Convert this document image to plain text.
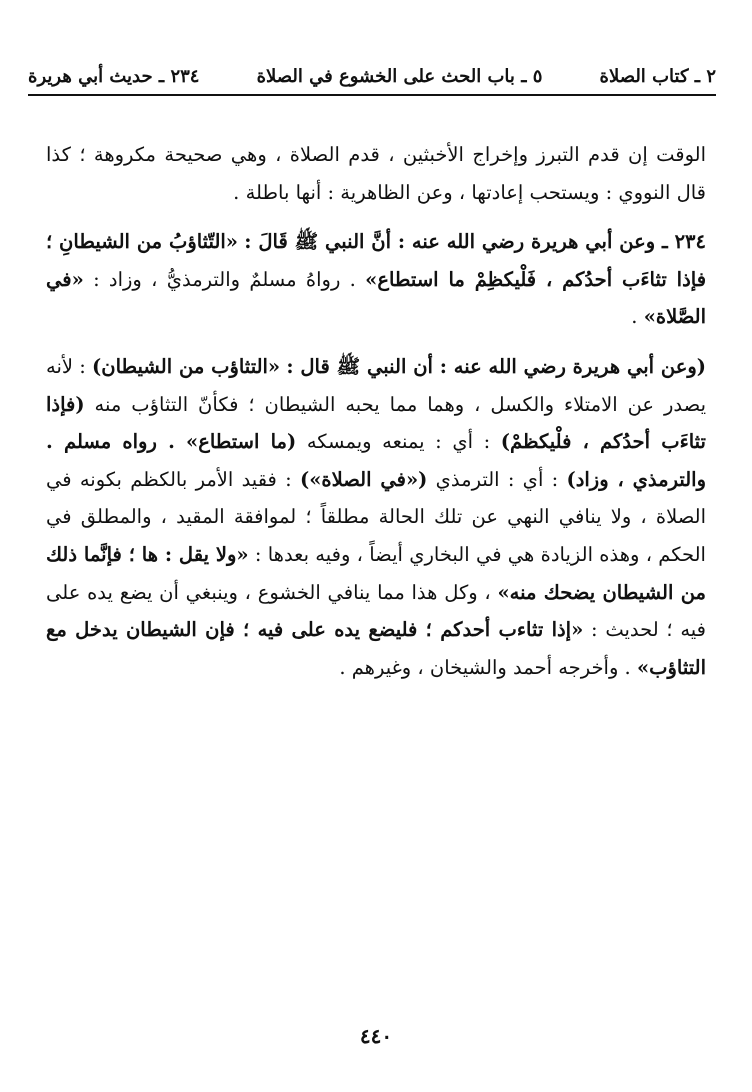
٢ ـ كتاب الصلاة
٥ ـ باب الحث على الخشوع في الصلاة
٢٣٤ ـ حديث أبي هريرة

الوقت إن قدم التبرز وإخراج الأخبثين ، قدم الصلاة ، وهي صحيحة مكروهة ؛ كذا قال النووي : ويستحب إعادتها ، وعن الظاهرية : أنها باطلة .

٢٣٤ ـ وعن أبي هريرة رضي الله عنه : أنَّ النبي ﷺ قَالَ : «التّثاؤبُ من الشيطانِ ؛ فإذا تثاءَب أحدُكم ، فَلْيكظِمْ ما استطاع» . رواهُ مسلمٌ والترمذيُّ ، وزاد : «في الصَّلاة» .

(وعن أبي هريرة رضي الله عنه : أن النبي ﷺ قال : «التثاؤب من الشيطان) : لأنه يصدر عن الامتلاء والكسل ، وهما مما يحبه الشيطان ؛ فكأنّ التثاؤب منه (فإذا تثاءَب أحدُكم ، فلْيكظمْ) : أي : يمنعه ويمسكه (ما استطاع» . رواه مسلم . والترمذي ، وزاد) : أي : الترمذي («في الصلاة») : فقيد الأمر بالكظم بكونه في الصلاة ، ولا ينافي النهي عن تلك الحالة مطلقاً ؛ لموافقة المقيد ، والمطلق في الحكم ، وهذه الزيادة هي في البخاري أيضاً ، وفيه بعدها : «ولا يقل : ها ؛ فإنَّما ذلك من الشيطان يضحك منه» ، وكل هذا مما ينافي الخشوع ، وينبغي أن يضع يده على فيه ؛ لحديث : «إذا تثاءب أحدكم ؛ فليضع يده على فيه ؛ فإن الشيطان يدخل مع التثاؤب» . وأخرجه أحمد والشيخان ، وغيرهم .

٤٤٠
